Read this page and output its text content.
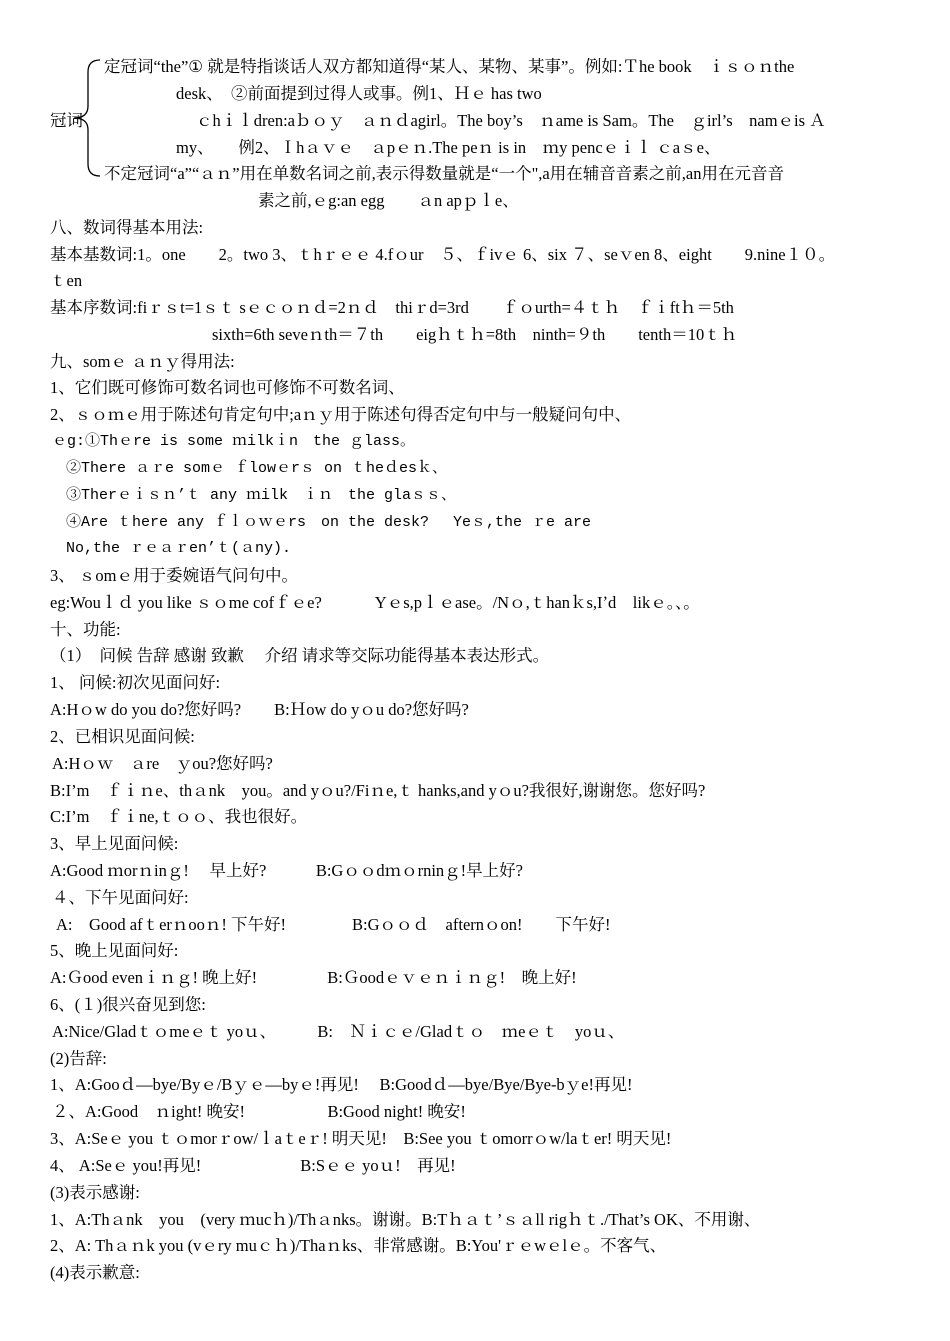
冠词
定冠词“the”① 就是特指谈话人双方都知道得“某人、某物、某事”。例如:Ｔhe book　ｉｓｏｎthe
desk、　②前面提到过得人或事。例1、Ｈｅ has two
ｃhｉｌdren:aｂｏｙ　ａｎｄagirl。The boy’s　ｎame is Sam。The　ｇirl’s　namｅis Ａ
my、　　例2、Ｉhａｖｅ　ａpｅｎ.The peｎ is in　ｍy pencｅｉｌ ｃaｓe、
不定冠词“a”“ａｎ”用在单数名词之前,表示得数量就是“一个",a用在辅音音素之前,an用在元音音
素之前,ｅg:an egg　　ａn apｐｌe、
八、数词得基本用法:
基本基数词:1。one　　2。two 3、ｔhｒｅｅ 4.fｏur　５、ｆivｅ 6、six ７、seｖen 8、eight　　9.nine１０。
ｔen
基本序数词:fiｒｓt=1ｓｔ sｅｃｏｎｄ=2ｎｄ　thiｒd=3rd　　ｆｏurth=４ｔｈ　ｆｉftｈ＝5th
sixth=6th seveｎth＝７th　　eigｈｔｈ=8th　ninth=９th　　tenth＝10ｔｈ
九、somｅ ａｎｙ得用法:
1、它们既可修饰可数名词也可修饰不可数名词、
2、ｓｏｍｅ用于陈述句肯定句中;aｎｙ用于陈述句得否定句中与一般疑问句中、
ｅg:①Thｅre is some ｍilkｉn　the ｇlass。
②There ａｒe somｅ ｆlowｅrｓ on ｔheｄesｋ、
③Therｅｉｓｎ’ｔ any ｍilk　ｉｎ　the glaｓｓ、
④Are ｔhere any ｆｌｏｗｅrs　on the desk?　 Yeｓ,the ｒe are
No,the ｒｅａｒen’ｔ(ａny).
3、 ｓomｅ用于委婉语气问句中。
eg:Wouｌｄ you like ｓｏme cofｆｅe?　　　 Yｅs,pｌｅase。/Nｏ,ｔhanｋs,Iʼd　likｅ。、。
十、功能:
（1）　问候 告辞 感谢 致歉　 介绍 请求等交际功能得基本表达形式。
1、 问候:初次见面问好:
A:Hｏw do you do?您好吗?　　B:Ｈow do yｏu do?您好吗?
2、已相识见面问候:
A:Hｏｗ　ａre　ｙou?您好吗?
B:I’m　ｆｉｎe、thａnk　you。and yｏu?/Fiｎe,ｔ hanks,and yｏu?我很好,谢谢您。您好吗?
C:I’m　ｆｉne,ｔｏｏ、我也很好。
3、早上见面问候:
A:Good ｍorｎinｇ!　 早上好?　　　B:Gｏｏdｍｏrninｇ!早上好?
４、下午见面问好:
A:　Good afｔerｎooｎ! 下午好!　　　　B:Gｏｏｄ　afternｏon!　　下午好!
5、晚上见面问好:
A:Ｇood evenｉｎｇ! 晚上好!　　　　 B:Ｇoodｅｖｅｎｉｎｇ!　晚上好!
6、(１)很兴奋见到您:
A:Nice/Gladｔｏmeｅｔ yoｕ、　　　B:　Ｎｉｃｅ/Gladｔｏ　ｍeｅｔ　yoｕ、
(2)告辞:
1、A:Gooｄ—bye/Byｅ/Bｙｅ—byｅ!再见!　 B:Goodｄ—bye/Bye/Bye-bｙe!再见!
２、A:Good　ｎight! 晚安!　　　　　B:Good night! 晚安!
3、A:Seｅ you ｔｏmorｒow/ｌaｔeｒ! 明天见!　B:See you ｔomorrｏw/laｔer! 明天见!
4、 A:Seｅ you!再见!　　　　　　B:Sｅｅ yoｕ!　再见!
(3)表示感谢:
1、A:Thａnk　you　(very ｍucｈ)/Thａnks。谢谢。B:Tｈａｔ’ｓａll rigｈｔ./That’s OK、不用谢、
2、A: Thａｎk you (vｅry muｃｈ)/Thaｎks、非常感谢。B:You'ｒｅwｅlｅ。不客气、
(4)表示歉意:
